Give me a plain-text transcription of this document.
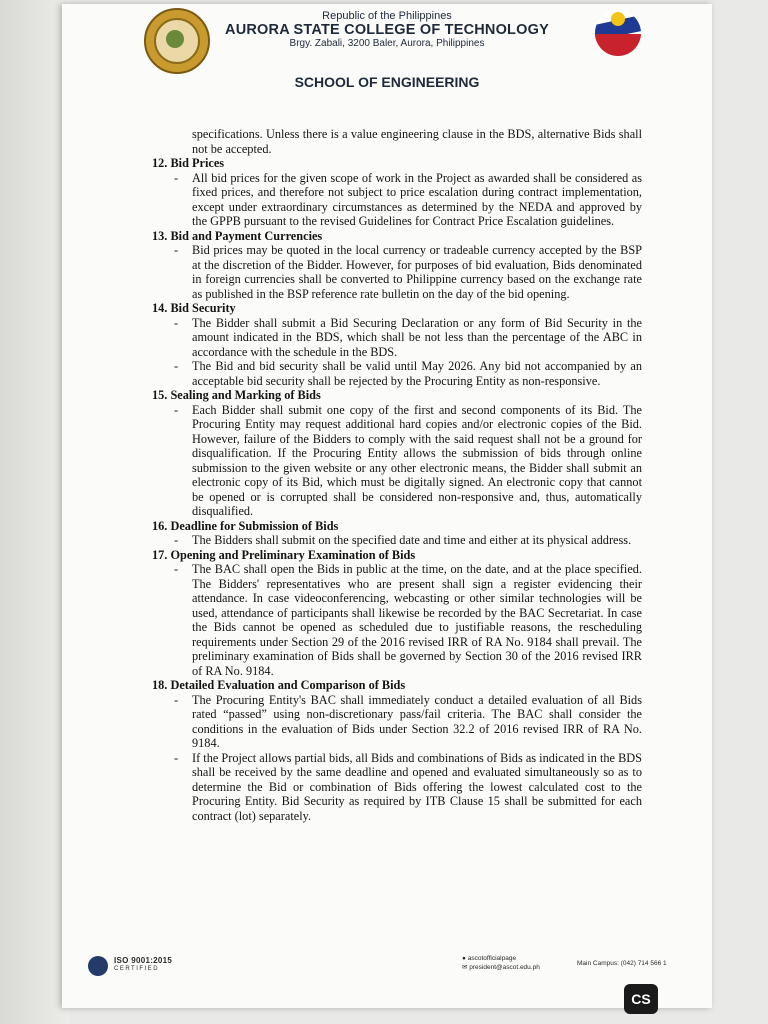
Republic of the Philippines
AURORA STATE COLLEGE OF TECHNOLOGY
Brgy. Zabali, 3200 Baler, Aurora, Philippines
SCHOOL OF ENGINEERING
ISO 9001:2015
CERTIFIED
● ascotofficialpage
✉ president@ascot.edu.ph
Main Campus: (042) 714 566 1
specifications. Unless there is a value engineering clause in the BDS, alternative Bids shall not be accepted.
12. Bid Prices
- All bid prices for the given scope of work in the Project as awarded shall be considered as fixed prices, and therefore not subject to price escalation during contract implementation, except under extraordinary circumstances as determined by the NEDA and approved by the GPPB pursuant to the revised Guidelines for Contract Price Escalation guidelines.
13. Bid and Payment Currencies
- Bid prices may be quoted in the local currency or tradeable currency accepted by the BSP at the discretion of the Bidder. However, for purposes of bid evaluation, Bids denominated in foreign currencies shall be converted to Philippine currency based on the exchange rate as published in the BSP reference rate bulletin on the day of the bid opening.
14. Bid Security
- The Bidder shall submit a Bid Securing Declaration or any form of Bid Security in the amount indicated in the BDS, which shall be not less than the percentage of the ABC in accordance with the schedule in the BDS.
- The Bid and bid security shall be valid until May 2026. Any bid not accompanied by an acceptable bid security shall be rejected by the Procuring Entity as non-responsive.
15. Sealing and Marking of Bids
- Each Bidder shall submit one copy of the first and second components of its Bid. The Procuring Entity may request additional hard copies and/or electronic copies of the Bid. However, failure of the Bidders to comply with the said request shall not be a ground for disqualification. If the Procuring Entity allows the submission of bids through online submission to the given website or any other electronic means, the Bidder shall submit an electronic copy of its Bid, which must be digitally signed. An electronic copy that cannot be opened or is corrupted shall be considered non-responsive and, thus, automatically disqualified.
16. Deadline for Submission of Bids
- The Bidders shall submit on the specified date and time and either at its physical address.
17. Opening and Preliminary Examination of Bids
- The BAC shall open the Bids in public at the time, on the date, and at the place specified. The Bidders' representatives who are present shall sign a register evidencing their attendance. In case videoconferencing, webcasting or other similar technologies will be used, attendance of participants shall likewise be recorded by the BAC Secretariat. In case the Bids cannot be opened as scheduled due to justifiable reasons, the rescheduling requirements under Section 29 of the 2016 revised IRR of RA No. 9184 shall prevail. The preliminary examination of Bids shall be governed by Section 30 of the 2016 revised IRR of RA No. 9184.
18. Detailed Evaluation and Comparison of Bids
- The Procuring Entity's BAC shall immediately conduct a detailed evaluation of all Bids rated “passed” using non-discretionary pass/fail criteria. The BAC shall consider the conditions in the evaluation of Bids under Section 32.2 of 2016 revised IRR of RA No. 9184.
- If the Project allows partial bids, all Bids and combinations of Bids as indicated in the BDS shall be received by the same deadline and opened and evaluated simultaneously so as to determine the Bid or combination of Bids offering the lowest calculated cost to the Procuring Entity. Bid Security as required by ITB Clause 15 shall be submitted for each contract (lot) separately.
CS
